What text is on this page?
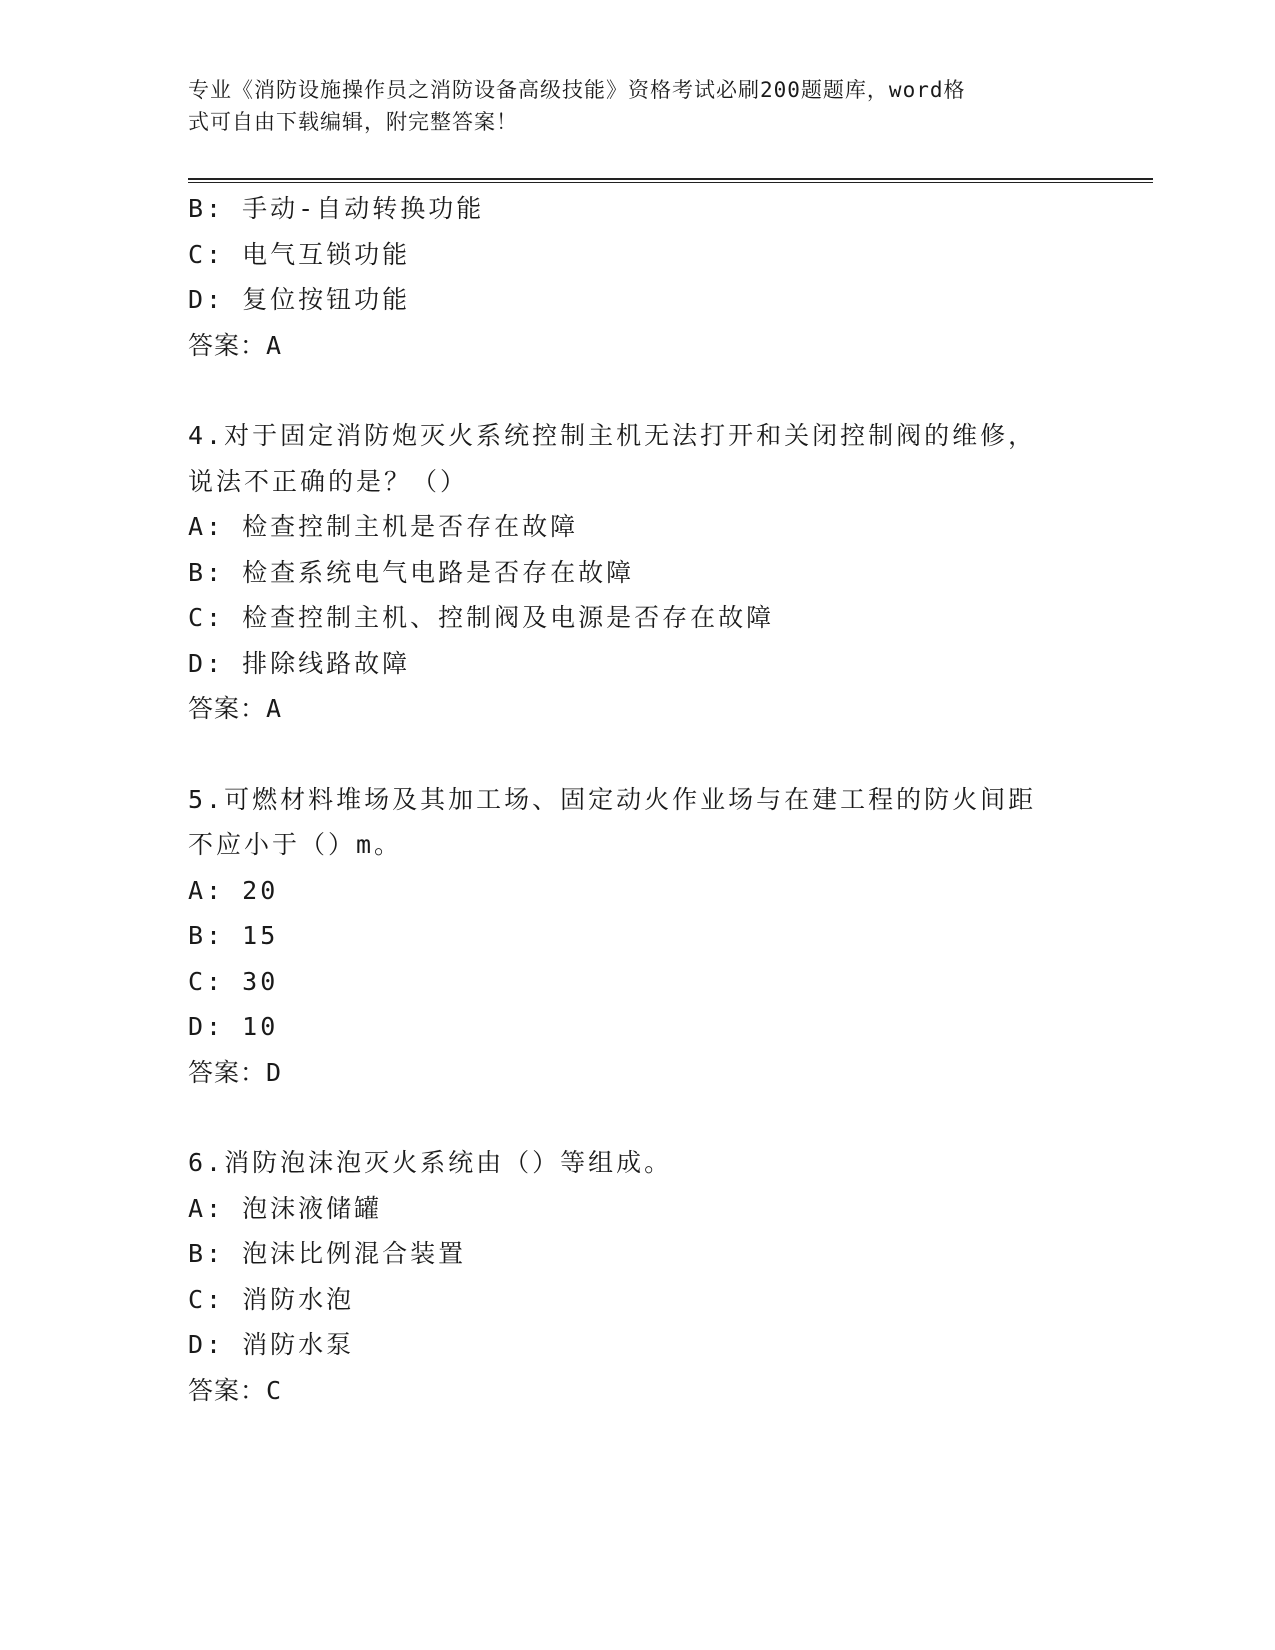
专业《消防设施操作员之消防设备高级技能》资格考试必刷200题题库，word格
式可自由下载编辑，附完整答案！
B: 手动-自动转换功能
C: 电气互锁功能
D: 复位按钮功能
答案：A
4.对于固定消防炮灭火系统控制主机无法打开和关闭控制阀的维修，
说法不正确的是？（）
A: 检查控制主机是否存在故障
B: 检查系统电气电路是否存在故障
C: 检查控制主机、控制阀及电源是否存在故障
D: 排除线路故障
答案：A
5.可燃材料堆场及其加工场、固定动火作业场与在建工程的防火间距
不应小于（）m。
A: 20
B: 15
C: 30
D: 10
答案：D
6.消防泡沫泡灭火系统由（）等组成。
A: 泡沫液储罐
B: 泡沫比例混合装置
C: 消防水泡
D: 消防水泵
答案：C
